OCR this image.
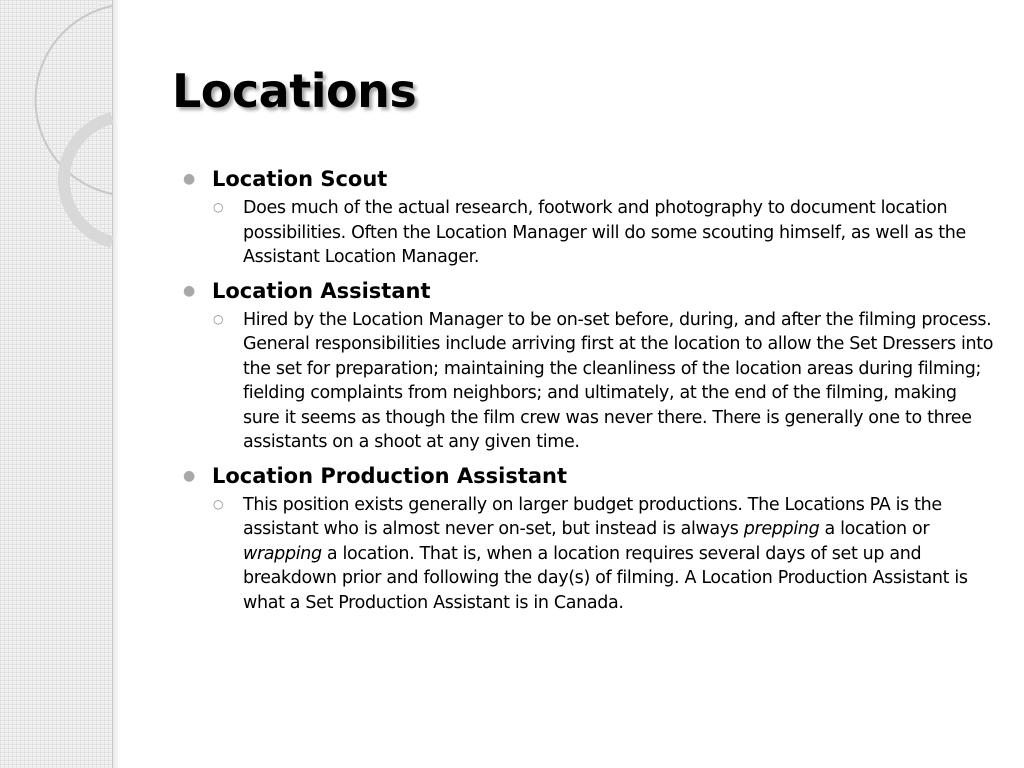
Locations
● Location Scout
○ Does much of the actual research, footwork and photography to document location possibilities. Often the Location Manager will do some scouting himself, as well as the Assistant Location Manager.
● Location Assistant
○ Hired by the Location Manager to be on-set before, during, and after the filming process. General responsibilities include arriving first at the location to allow the Set Dressers into the set for preparation; maintaining the cleanliness of the location areas during filming; fielding complaints from neighbors; and ultimately, at the end of the filming, making sure it seems as though the film crew was never there. There is generally one to three assistants on a shoot at any given time.
● Location Production Assistant
○ This position exists generally on larger budget productions. The Locations PA is the assistant who is almost never on-set, but instead is always prepping a location or wrapping a location. That is, when a location requires several days of set up and breakdown prior and following the day(s) of filming. A Location Production Assistant is what a Set Production Assistant is in Canada.
